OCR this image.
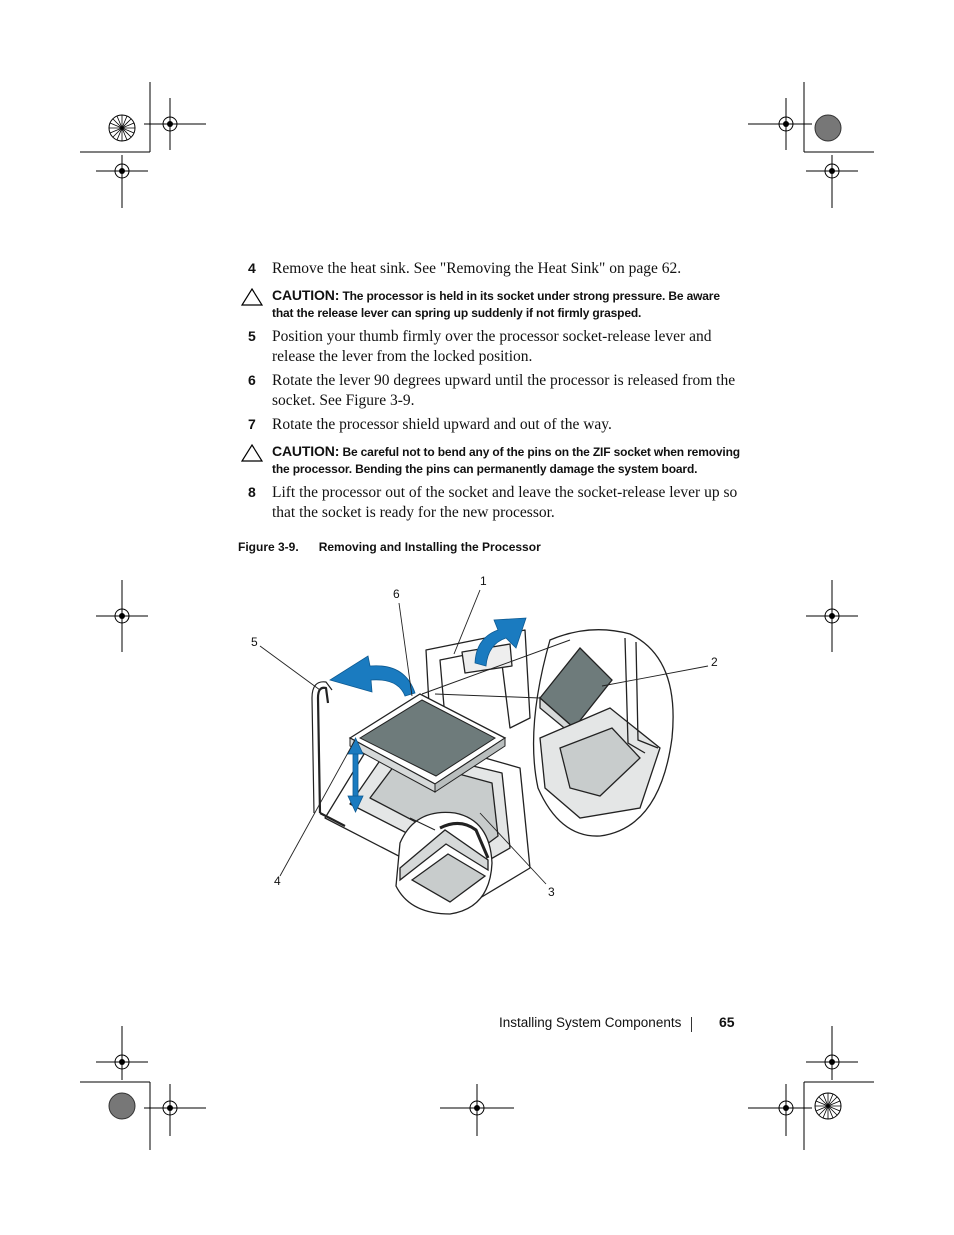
4 Remove the heat sink. See "Removing the Heat Sink" on page 62.
CAUTION: The processor is held in its socket under strong pressure. Be aware that the release lever can spring up suddenly if not firmly grasped.
5 Position your thumb firmly over the processor socket-release lever and release the lever from the locked position.
6 Rotate the lever 90 degrees upward until the processor is released from the socket. See Figure 3-9.
7 Rotate the processor shield upward and out of the way.
CAUTION: Be careful not to bend any of the pins on the ZIF socket when removing the processor. Bending the pins can permanently damage the system board.
8 Lift the processor out of the socket and leave the socket-release lever up so that the socket is ready for the new processor.
Figure 3-9. Removing and Installing the Processor
1
2
3
4
5
6
Installing System Components	65
